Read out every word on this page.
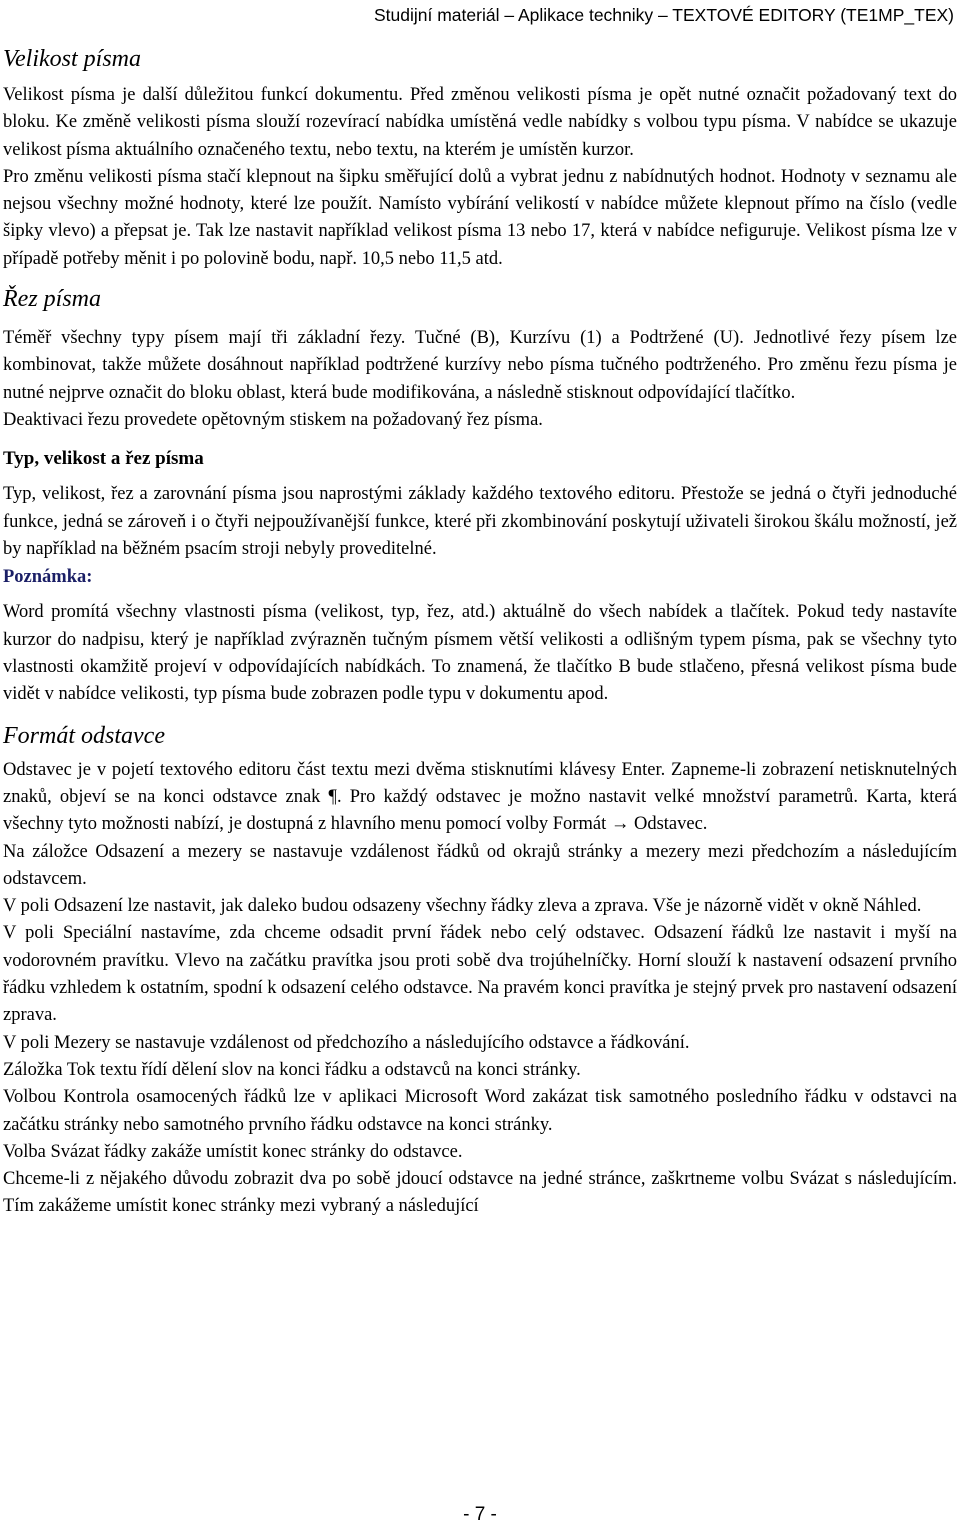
Studijní materiál – Aplikace techniky – TEXTOVÉ EDITORY (TE1MP_TEX)
Velikost písma

Velikost písma je další důležitou funkcí dokumentu. Před změnou velikosti písma je opět nutné označit požadovaný text do bloku. Ke změně velikosti písma slouží rozevírací nabídka umístěná vedle nabídky s volbou typu písma. V nabídce se ukazuje velikost písma aktuálního označeného textu, nebo textu, na kterém je umístěn kurzor.

Pro změnu velikosti písma stačí klepnout na šipku směřující dolů a vybrat jednu z nabídnutých hodnot. Hodnoty v seznamu ale nejsou všechny možné hodnoty, které lze použít. Namísto vybírání velikostí v nabídce můžete klepnout přímo na číslo (vedle šipky vlevo) a přepsat je. Tak lze nastavit například velikost písma 13 nebo 17, která v nabídce nefiguruje. Velikost písma lze v případě potřeby měnit i po polovině bodu, např. 10,5 nebo 11,5 atd.

Řez písma

Téměř všechny typy písem mají tři základní řezy. Tučné (B), Kurzívu (1) a Podtržené (U). Jednotlivé řezy písem lze kombinovat, takže můžete dosáhnout například podtržené kurzívy nebo písma tučného podtrženého. Pro změnu řezu písma je nutné nejprve označit do bloku oblast, která bude modifikována, a následně stisknout odpovídající tlačítko.

Deaktivaci řezu provedete opětovným stiskem na požadovaný řez písma.

Typ, velikost a řez písma

Typ, velikost, řez a zarovnání písma jsou naprostými základy každého textového editoru. Přestože se jedná o čtyři jednoduché funkce, jedná se zároveň i o čtyři nejpoužívanější funkce, které při zkombinování poskytují uživateli širokou škálu možností, jež by například na běžném psacím stroji nebyly proveditelné.

Poznámka:

Word promítá všechny vlastnosti písma (velikost, typ, řez, atd.) aktuálně do všech nabídek a tlačítek. Pokud tedy nastavíte kurzor do nadpisu, který je například zvýrazněn tučným písmem větší velikosti a odlišným typem písma, pak se všechny tyto vlastnosti okamžitě projeví v odpovídajících nabídkách. To znamená, že tlačítko B bude stlačeno, přesná velikost písma bude vidět v nabídce velikosti, typ písma bude zobrazen podle typu v dokumentu apod.

Formát odstavce

Odstavec je v pojetí textového editoru část textu mezi dvěma stisknutími klávesy Enter. Zapneme-li zobrazení netisknutelných znaků, objeví se na konci odstavce znak ¶. Pro každý odstavec je možno nastavit velké množství parametrů. Karta, která všechny tyto možnosti nabízí, je dostupná z hlavního menu pomocí volby Formát → Odstavec.

Na záložce Odsazení a mezery se nastavuje vzdálenost řádků od okrajů stránky a mezery mezi předchozím a následujícím odstavcem.

V poli Odsazení lze nastavit, jak daleko budou odsazeny všechny řádky zleva a zprava. Vše je názorně vidět v okně Náhled.

V poli Speciální nastavíme, zda chceme odsadit první řádek nebo celý odstavec. Odsazení řádků lze nastavit i myší na vodorovném pravítku. Vlevo na začátku pravítka jsou proti sobě dva trojúhelníčky. Horní slouží k nastavení odsazení prvního řádku vzhledem k ostatním, spodní k odsazení celého odstavce. Na pravém konci pravítka je stejný prvek pro nastavení odsazení zprava.

V poli Mezery se nastavuje vzdálenost od předchozího a následujícího odstavce a řádkování.

Záložka Tok textu řídí dělení slov na konci řádku a odstavců na konci stránky.

Volbou Kontrola osamocených řádků lze v aplikaci Microsoft Word zakázat tisk samotného posledního řádku v odstavci na začátku stránky nebo samotného prvního řádku odstavce na konci stránky.

Volba Svázat řádky zakáže umístit konec stránky do odstavce.

Chceme-li z nějakého důvodu zobrazit dva po sobě jdoucí odstavce na jedné stránce, zaškrtneme volbu Svázat s následujícím. Tím zakážeme umístit konec stránky mezi vybraný a následující

- 7 -
